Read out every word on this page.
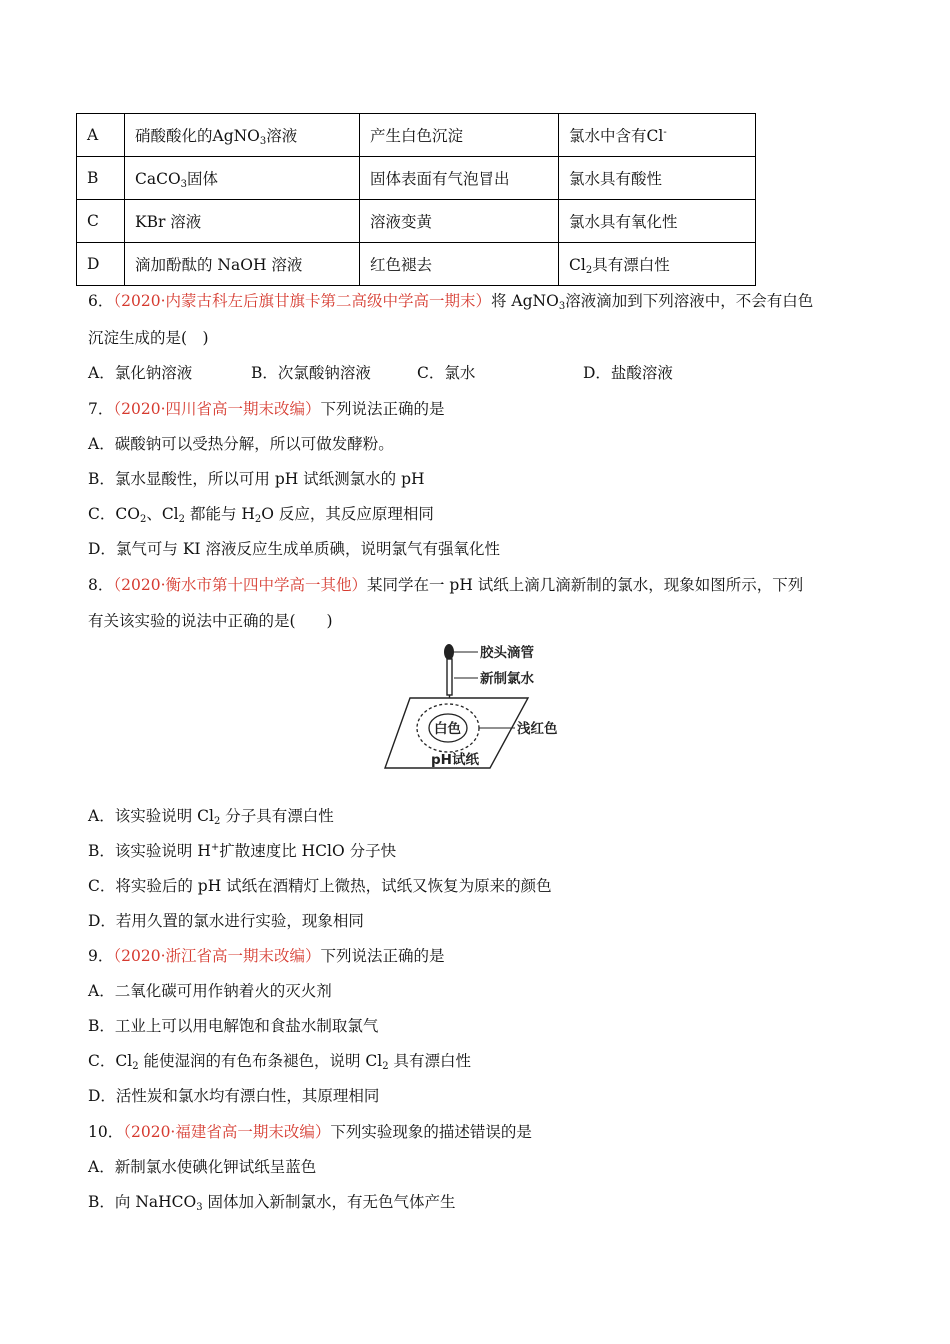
A	硝酸酸化的AgNO$_3$溶液	产生白色沉淀	氯水中含有Cl-
B	CaCO$_3$固体	固体表面有气泡冒出	氯水具有酸性
C	KBr 溶液	溶液变黄	氯水具有氧化性
D	滴加酚酞的 NaOH 溶液	红色褪去	$Cl_2$具有漂白性
6．（2020·内蒙古科左后旗甘旗卡第二高级中学高一期末）将 AgNO$_3$溶液滴加到下列溶液中，不会有白色
沉淀生成的是(　)
A．氯化钠溶液	B．次氯酸钠溶液	C．氯水	D．盐酸溶液
7．（2020·四川省高一期末改编）下列说法正确的是
A．碳酸钠可以受热分解，所以可做发酵粉。
B．氯水显酸性，所以可用 pH 试纸测氯水的 pH
C．$CO_2$、$Cl_2$ 都能与 $H_2O$ 反应，其反应原理相同
D．氯气可与 KI 溶液反应生成单质碘，说明氯气有强氧化性
8．（2020·衡水市第十四中学高一其他）某同学在一 pH 试纸上滴几滴新制的氯水，现象如图所示，下列
有关该实验的说法中正确的是(　　)
胶头滴管
新制氯水
白色	浅红色
pH试纸
A．该实验说明 $Cl_2$ 分子具有漂白性
B．该实验说明 H+扩散速度比 HClO 分子快
C．将实验后的 pH 试纸在酒精灯上微热，试纸又恢复为原来的颜色
D．若用久置的氯水进行实验，现象相同
9．（2020·浙江省高一期末改编）下列说法正确的是
A．二氧化碳可用作钠着火的灭火剂
B．工业上可以用电解饱和食盐水制取氯气
C．$Cl_2$ 能使湿润的有色布条褪色，说明 $Cl_2$ 具有漂白性
D．活性炭和氯水均有漂白性，其原理相同
10．（2020·福建省高一期末改编）下列实验现象的描述错误的是
A．新制氯水使碘化钾试纸呈蓝色
B．向 NaHCO$_3$ 固体加入新制氯水，有无色气体产生
